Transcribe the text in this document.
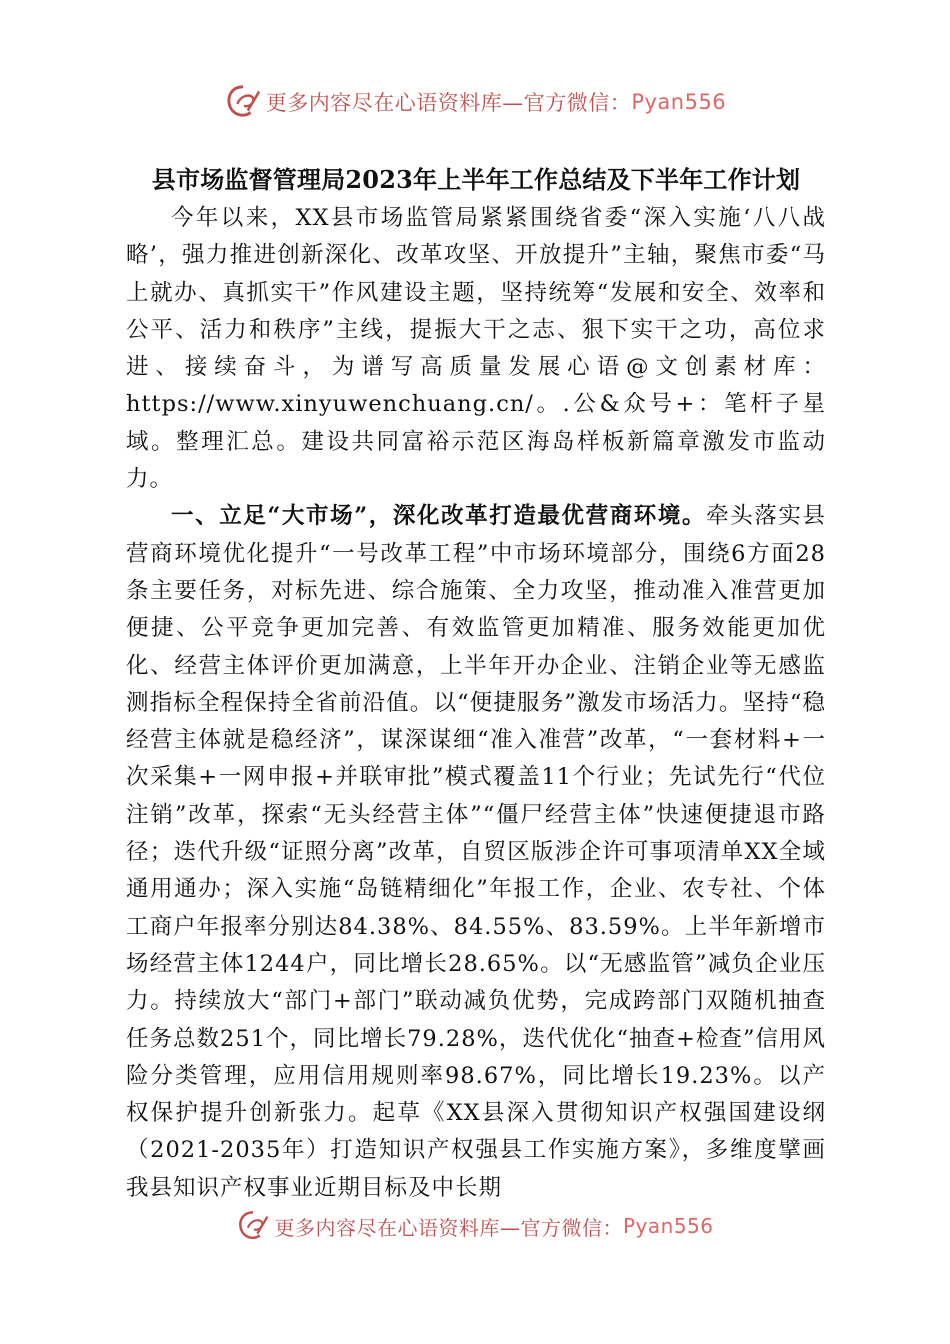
更多内容尽在心语资料库—官方微信： Pyan556
县市场监督管理局2023年上半年工作总结及下半年工作计划

今年以来，XX县市场监管局紧紧围绕省委“深入实施‘八八战略’，强力推进创新深化、改革攻坚、开放提升”主轴，聚焦市委“马上就办、真抓实干”作风建设主题，坚持统筹“发展和安全、效率和公平、活力和秩序”主线，提振大干之志、狠下实干之功，高位求进、接续奋斗，为谱写高质量发展心语@文创素材库：https://www.xinyuwenchuang.cn/。.公&众号+：笔杆子星域。整理汇总。建设共同富裕示范区海岛样板新篇章激发市监动力。

一、立足“大市场”，深化改革打造最优营商环境。牵头落实县营商环境优化提升“一号改革工程”中市场环境部分，围绕6方面28条主要任务，对标先进、综合施策、全力攻坚，推动准入准营更加便捷、公平竞争更加完善、有效监管更加精准、服务效能更加优化、经营主体评价更加满意，上半年开办企业、注销企业等无感监测指标全程保持全省前沿值。以“便捷服务”激发市场活力。坚持“稳经营主体就是稳经济”，谋深谋细“准入准营”改革，“一套材料+一次采集+一网申报+并联审批”模式覆盖11个行业；先试先行“代位注销”改革，探索“无头经营主体”“僵尸经营主体”快速便捷退市路径；迭代升级“证照分离”改革，自贸区版涉企许可事项清单XX全域通用通办；深入实施“岛链精细化”年报工作，企业、农专社、个体工商户年报率分别达84.38%、84.55%、83.59%。上半年新增市场经营主体1244户，同比增长28.65%。以“无感监管”减负企业压力。持续放大“部门+部门”联动减负优势，完成跨部门双随机抽查任务总数251个，同比增长79.28%，迭代优化“抽查+检查”信用风险分类管理，应用信用规则率98.67%，同比增长19.23%。以产权保护提升创新张力。起草《XX县深入贯彻知识产权强国建设纲（2021-2035年）打造知识产权强县工作实施方案》，多维度擘画我县知识产权事业近期目标及中长期

更多内容尽在心语资料库—官方微信： Pyan556
